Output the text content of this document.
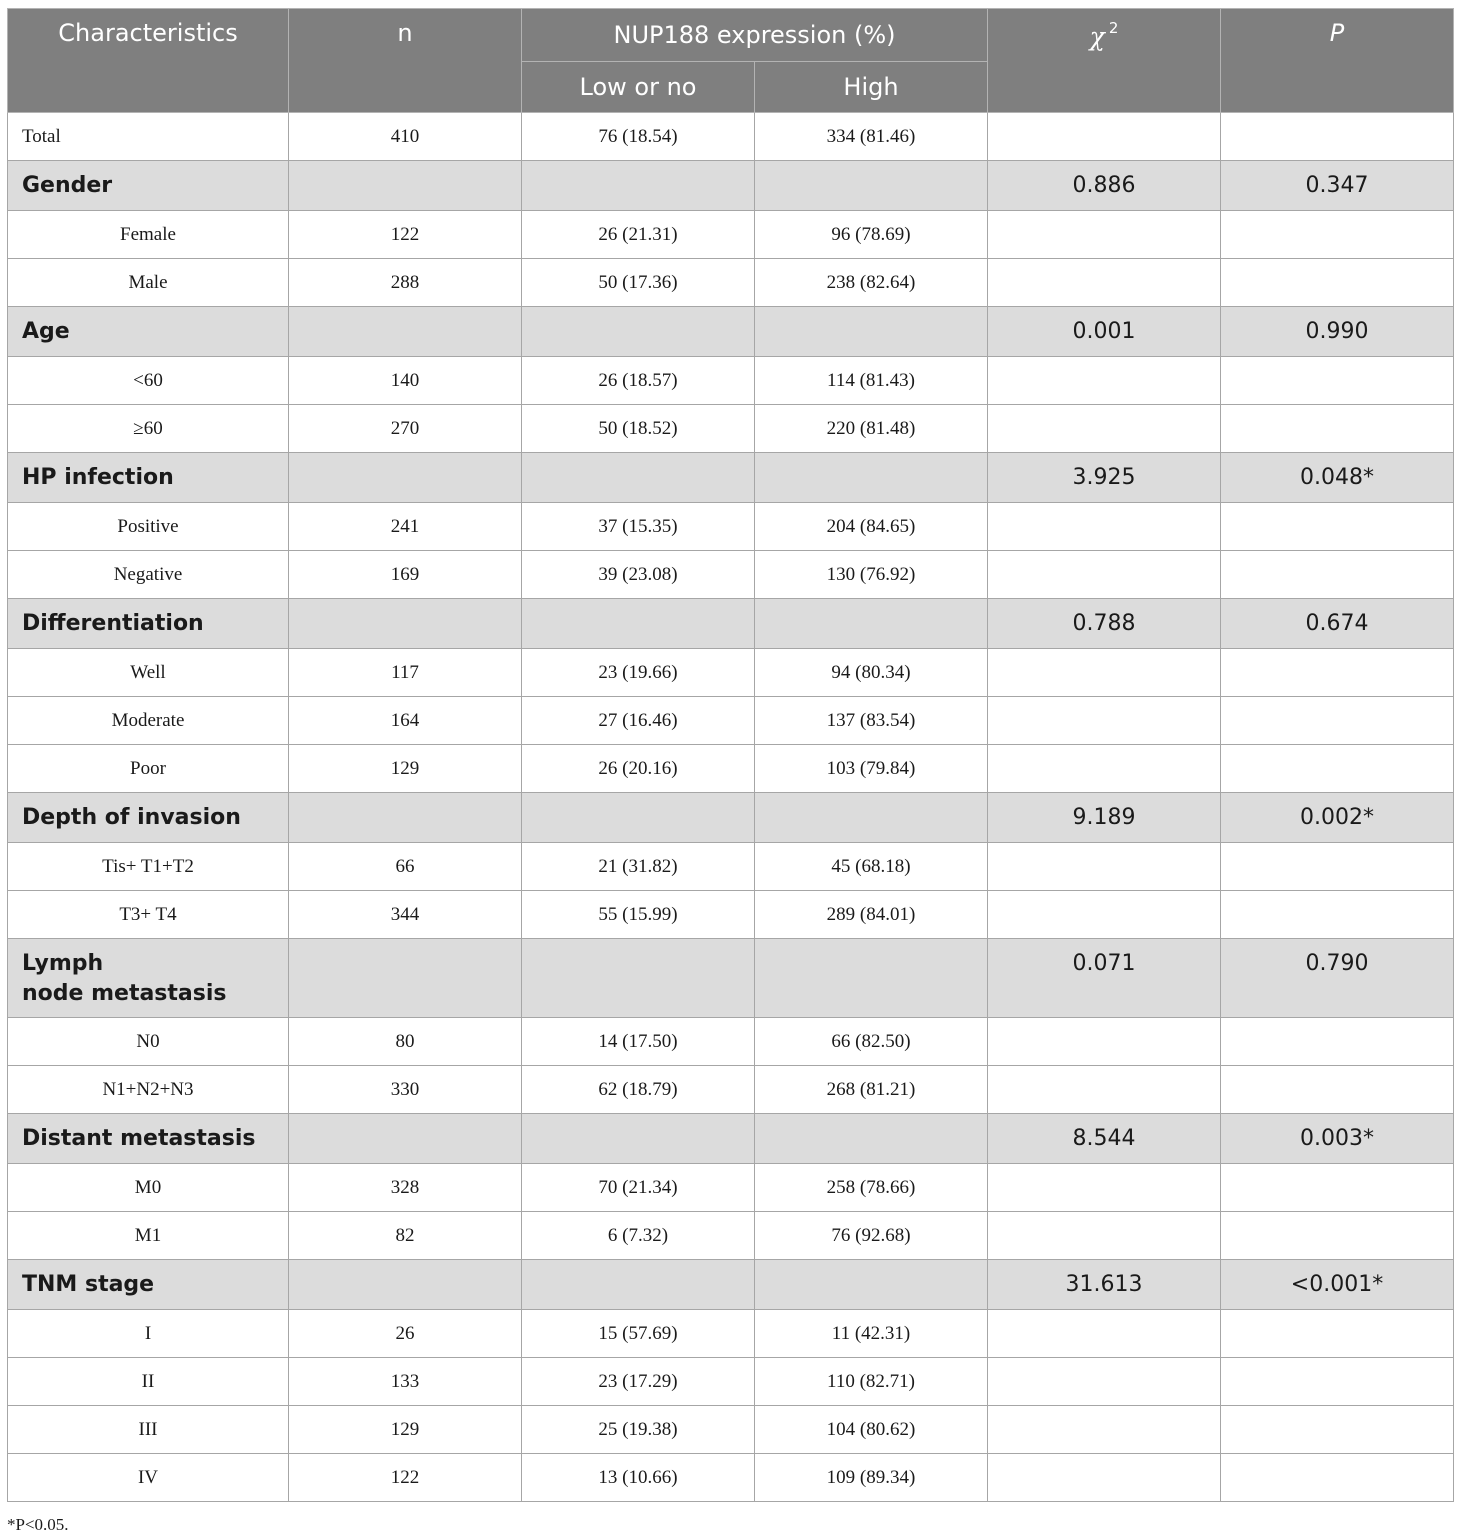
Characteristics	n	NUP188 expression (%)		χ $^2$	P
		Low or no	High		
Total	410	76 (18.54)	334 (81.46)		
Gender				0.886	0.347
Female	122	26 (21.31)	96 (78.69)		
Male	288	50 (17.36)	238 (82.64)		
Age				0.001	0.990
<60	140	26 (18.57)	114 (81.43)		
≥60	270	50 (18.52)	220 (81.48)		
HP infection				3.925	0.048*
Positive	241	37 (15.35)	204 (84.65)		
Negative	169	39 (23.08)	130 (76.92)		
Differentiation				0.788	0.674
Well	117	23 (19.66)	94 (80.34)		
Moderate	164	27 (16.46)	137 (83.54)		
Poor	129	26 (20.16)	103 (79.84)		
Depth of invasion				9.189	0.002*
Tis+ T1+T2	66	21 (31.82)	45 (68.18)		
T3+ T4	344	55 (15.99)	289 (84.01)		
Lymph
node metastasis				0.071	0.790
N0	80	14 (17.50)	66 (82.50)		
N1+N2+N3	330	62 (18.79)	268 (81.21)		
Distant metastasis				8.544	0.003*
M0	328	70 (21.34)	258 (78.66)		
M1	82	6 (7.32)	76 (92.68)		
TNM stage				31.613	<0.001*
I	26	15 (57.69)	11 (42.31)		
II	133	23 (17.29)	110 (82.71)		
III	129	25 (19.38)	104 (80.62)		
IV	122	13 (10.66)	109 (89.34)		
*P<0.05.
